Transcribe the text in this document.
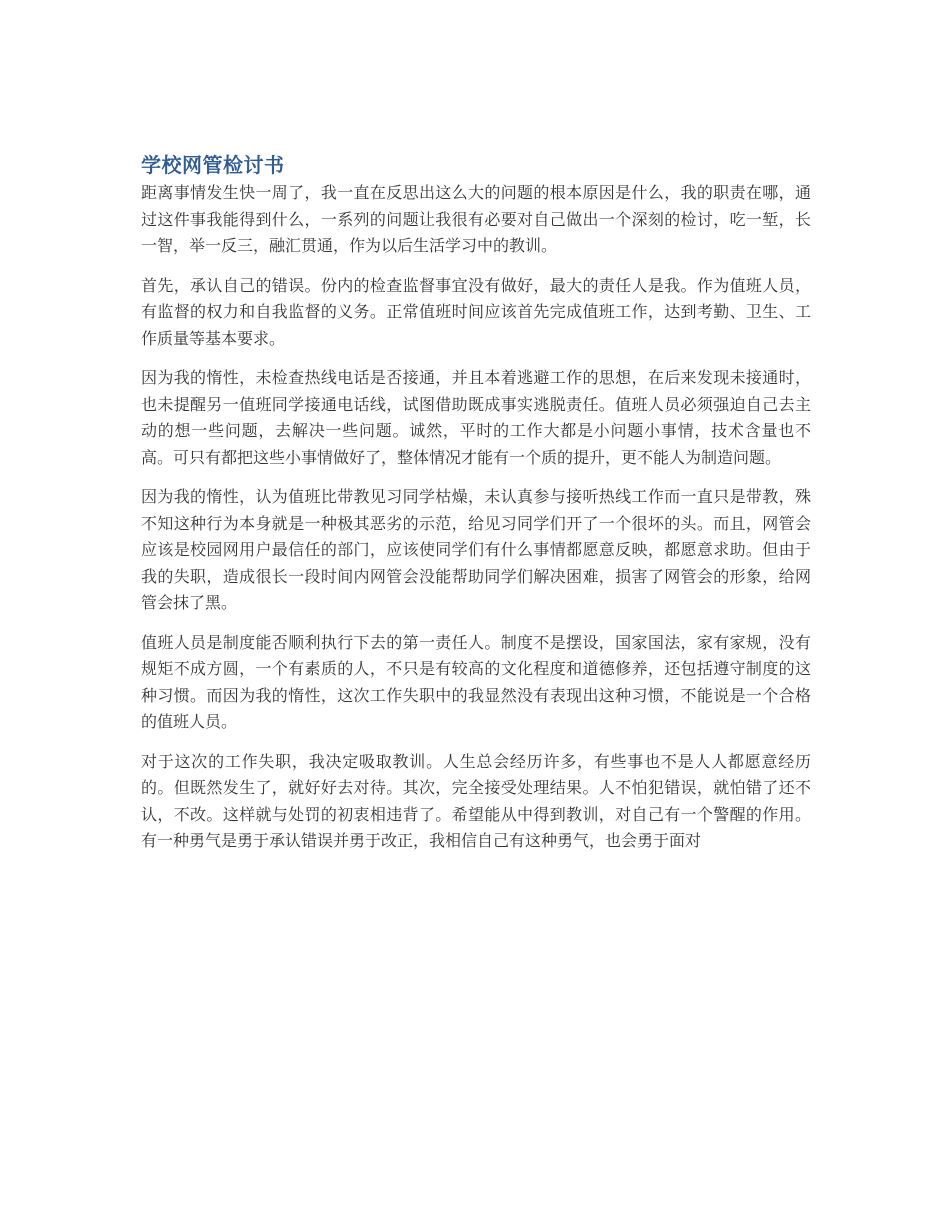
学校网管检讨书

距离事情发生快一周了，我一直在反思出这么大的问题的根本原因是什么，我的职责在哪，通过这件事我能得到什么，一系列的问题让我很有必要对自己做出一个深刻的检讨，吃一堑，长一智，举一反三，融汇贯通，作为以后生活学习中的教训。

首先，承认自己的错误。份内的检查监督事宜没有做好，最大的责任人是我。作为值班人员，有监督的权力和自我监督的义务。正常值班时间应该首先完成值班工作，达到考勤、卫生、工作质量等基本要求。

因为我的惰性，未检查热线电话是否接通，并且本着逃避工作的思想，在后来发现未接通时，也未提醒另一值班同学接通电话线，试图借助既成事实逃脱责任。值班人员必须强迫自己去主动的想一些问题，去解决一些问题。诚然，平时的工作大都是小问题小事情，技术含量也不高。可只有都把这些小事情做好了，整体情况才能有一个质的提升，更不能人为制造问题。

因为我的惰性，认为值班比带教见习同学枯燥，未认真参与接听热线工作而一直只是带教，殊不知这种行为本身就是一种极其恶劣的示范，给见习同学们开了一个很坏的头。而且，网管会应该是校园网用户最信任的部门，应该使同学们有什么事情都愿意反映，都愿意求助。但由于我的失职，造成很长一段时间内网管会没能帮助同学们解决困难，损害了网管会的形象，给网管会抹了黑。

值班人员是制度能否顺利执行下去的第一责任人。制度不是摆设，国家国法，家有家规，没有规矩不成方圆，一个有素质的人，不只是有较高的文化程度和道德修养，还包括遵守制度的这种习惯。而因为我的惰性，这次工作失职中的我显然没有表现出这种习惯，不能说是一个合格的值班人员。

对于这次的工作失职，我决定吸取教训。人生总会经历许多，有些事也不是人人都愿意经历的。但既然发生了，就好好去对待。其次，完全接受处理结果。人不怕犯错误，就怕错了还不认，不改。这样就与处罚的初衷相违背了。希望能从中得到教训，对自己有一个警醒的作用。有一种勇气是勇于承认错误并勇于改正，我相信自己有这种勇气，也会勇于面对
